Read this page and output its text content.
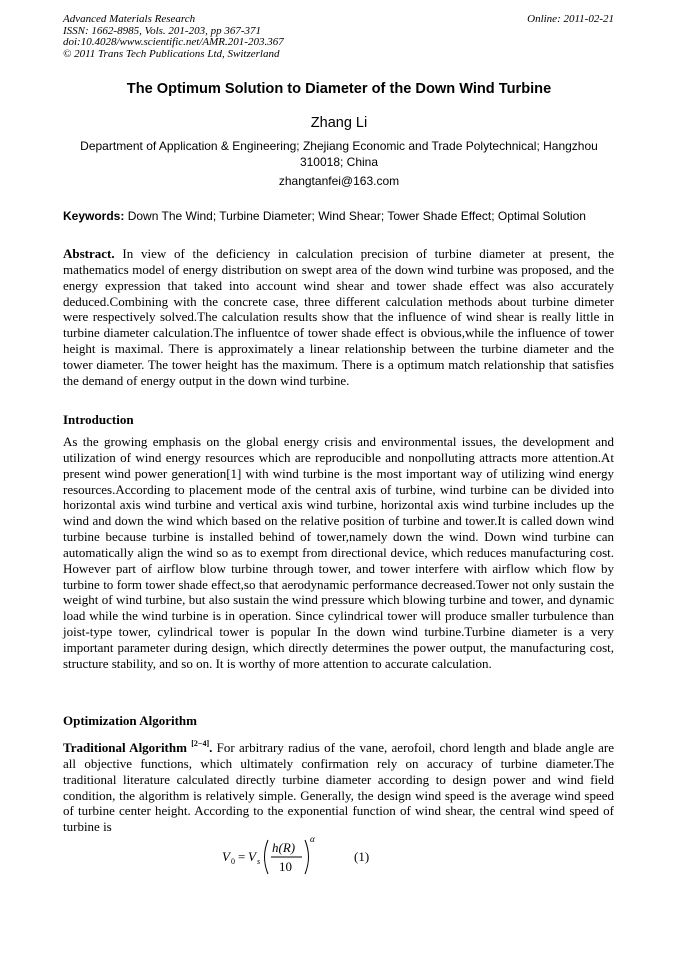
Advanced Materials Research
ISSN: 1662-8985, Vols. 201-203, pp 367-371
doi:10.4028/www.scientific.net/AMR.201-203.367
© 2011 Trans Tech Publications Ltd, Switzerland
Online: 2011-02-21
The Optimum Solution to Diameter of the Down Wind Turbine
Zhang Li
Department of Application & Engineering; Zhejiang Economic and Trade Polytechnical; Hangzhou 310018; China
zhangtanfei@163.com
Keywords: Down The Wind; Turbine Diameter; Wind Shear; Tower Shade Effect; Optimal Solution
Abstract. In view of the deficiency in calculation precision of turbine diameter at present, the mathematics model of energy distribution on swept area of the down wind turbine was proposed, and the energy expression that taked into account wind shear and tower shade effect was also accurately deduced.Combining with the concrete case, three different calculation methods about turbine dimeter were respectively solved.The calculation results show that the influence of wind shear is really little in turbine diameter calculation.The influentce of tower shade effect is obvious,while the influence of tower height is maximal. There is approximately a linear relationship between the turbine diameter and the tower diameter. The tower height has the maximum. There is a optimum match relationship that satisfies the demand of energy output in the down wind turbine.
Introduction
As the growing emphasis on the global energy crisis and environmental issues, the development and utilization of wind energy resources which are reproducible and nonpolluting attracts more attention.At present wind power generation[1] with wind turbine is the most important way of utilizing wind energy resources.According to placement mode of the central axis of turbine, wind turbine can be divided into horizontal axis wind turbine and vertical axis wind turbine, horizontal axis wind turbine includes up the wind and down the wind which based on the relative position of turbine and tower.It is called down wind turbine because turbine is installed behind of tower,namely down the wind. Down wind turbine can automatically align the wind so as to exempt from directional device, which reduces manufacturing cost. However part of airflow blow turbine through tower, and tower interfere with airflow which flow by turbine to form tower shade effect,so that aerodynamic performance decreased.Tower not only sustain the weight of wind turbine, but also sustain the wind pressure which blowing turbine and tower, and dynamic load while the wind turbine is in operation. Since cylindrical tower will produce smaller turbulence than joist-type tower, cylindrical tower is popular In the down wind turbine.Turbine diameter is a very important parameter during design, which directly determines the power output, the manufacturing cost, structure stability, and so on. It is worthy of more attention to accurate calculation.
Optimization Algorithm
Traditional Algorithm [2−4]. For arbitrary radius of the vane, aerofoil, chord length and blade angle are all objective functions, which ultimately confirmation rely on accuracy of turbine diameter.The traditional literature calculated directly turbine diameter according to design power and wind field condition, the algorithm is relatively simple. Generally, the design wind speed is the average wind speed of turbine center height. According to the exponential function of wind shear, the central wind speed of turbine is
V 0 = V s
h(R)
10
α
(1)
